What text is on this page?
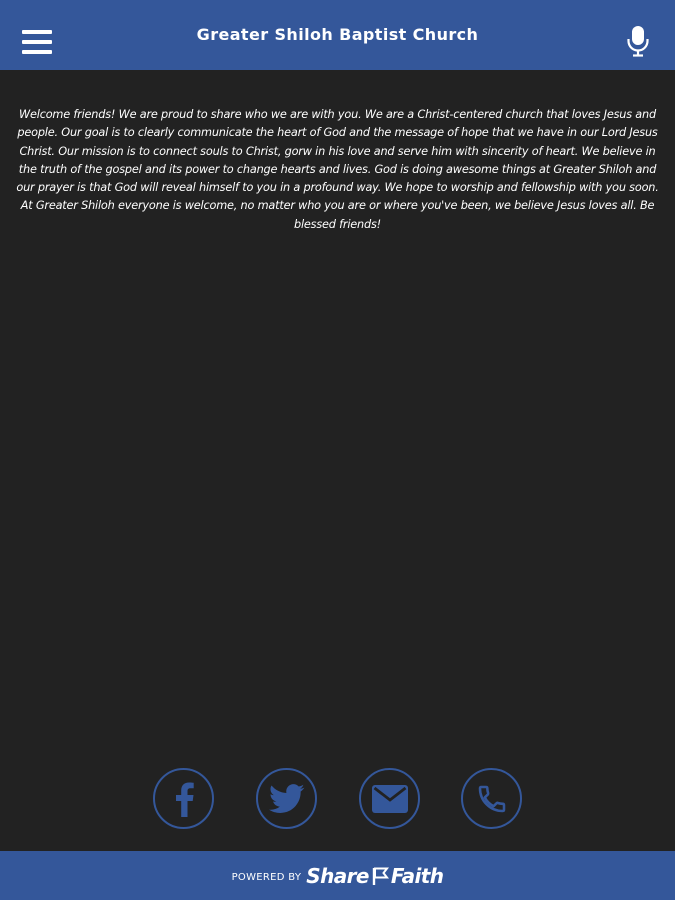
Greater Shiloh Baptist Church
Welcome friends! We are proud to share who we are with you. We are a Christ-centered church that loves Jesus and people. Our goal is to clearly communicate the heart of God and the message of hope that we have in our Lord Jesus Christ. Our mission is to connect souls to Christ, gorw in his love and serve him with sincerity of heart. We believe in the truth of the gospel and its power to change hearts and lives. God is doing awesome things at Greater Shiloh and our prayer is that God will reveal himself to you in a profound way. We hope to worship and fellowship with you soon. At Greater Shiloh everyone is welcome, no matter who you are or where you've been, we believe Jesus loves all. Be blessed friends!
POWERED BY Share Faith
